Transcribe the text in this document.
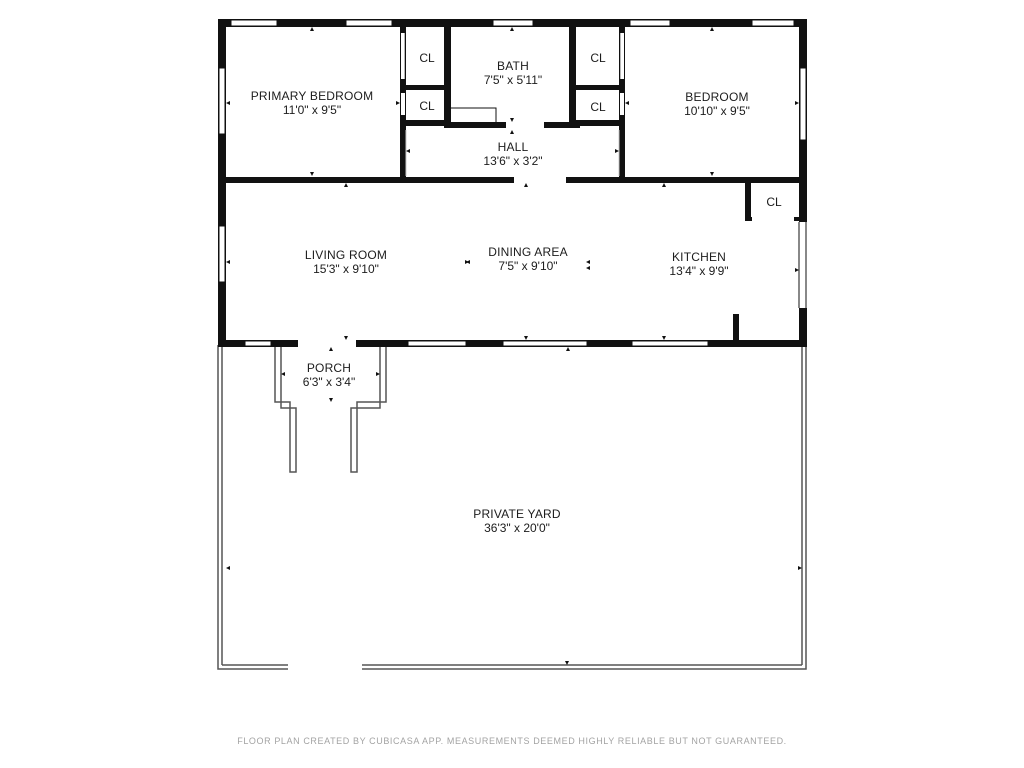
PRIMARY BEDROOM
11'0" x 9'5"
BATH
7'5" x 5'11"
BEDROOM
10'10" x 9'5"
HALL
13'6" x 3'2"
LIVING ROOM
15'3" x 9'10"
DINING AREA
7'5" x 9'10"
KITCHEN
13'4" x 9'9"
PORCH
6'3" x 3'4"
PRIVATE YARD
36'3" x 20'0"
CL
CL
CL
CL
CL
FLOOR PLAN CREATED BY CUBICASA APP. MEASUREMENTS DEEMED HIGHLY RELIABLE BUT NOT GUARANTEED.
